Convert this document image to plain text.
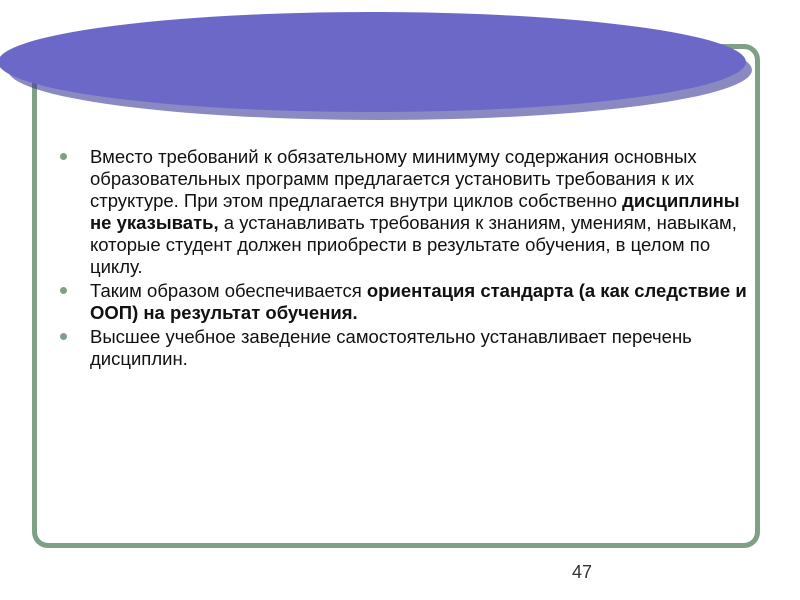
Вместо требований к обязательному минимуму содержания основных образовательных программ предлагается установить требования к их структуре. При этом предлагается внутри циклов собственно дисциплины не указывать, а устанавливать требования к знаниям, умениям, навыкам, которые студент должен приобрести в результате обучения, в целом по циклу.
Таким образом обеспечивается ориентация стандарта (а как следствие и ООП) на результат обучения.
Высшее учебное заведение самостоятельно устанавливает перечень дисциплин.
47
